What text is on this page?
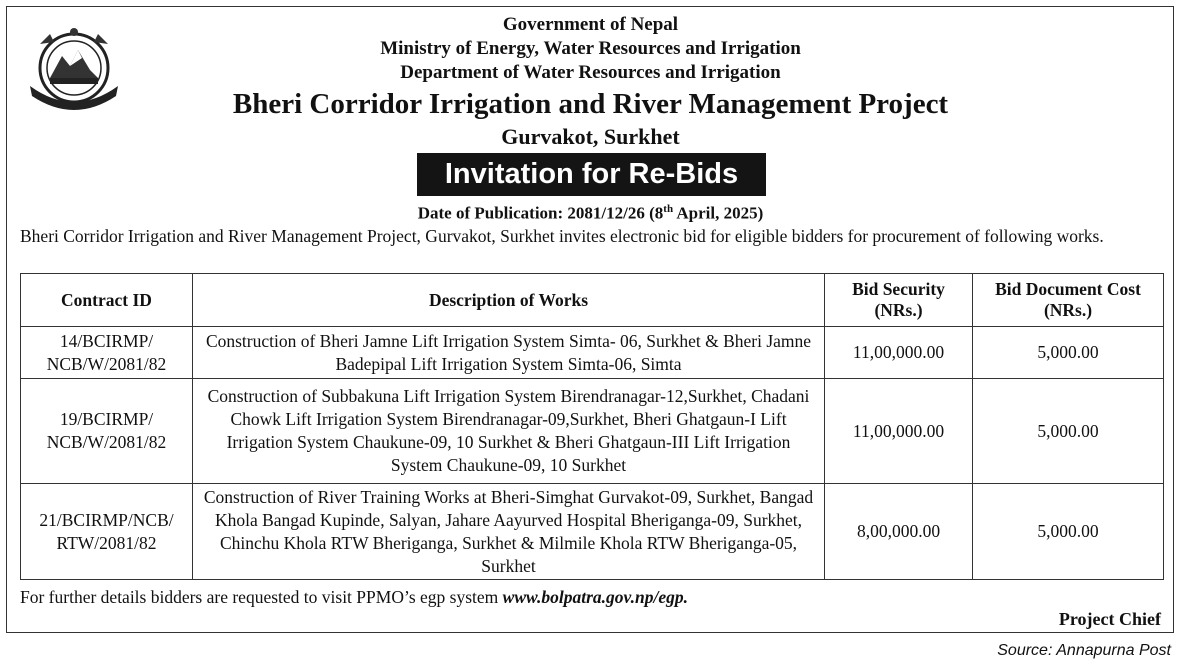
Government of Nepal
Ministry of Energy, Water Resources and Irrigation
Department of Water Resources and Irrigation
Bheri Corridor Irrigation and River Management Project
Gurvakot, Surkhet
Invitation for Re-Bids
Date of Publication: 2081/12/26 (8th April, 2025)
Bheri Corridor Irrigation and River Management Project, Gurvakot, Surkhet invites electronic bid for eligible bidders for procurement of following works.
Contract ID	Description of Works	Bid Security (NRs.)	Bid Document Cost (NRs.)
14/BCIRMP/ NCB/W/2081/82	Construction of Bheri Jamne Lift Irrigation System Simta- 06, Surkhet & Bheri Jamne Badepipal Lift Irrigation System Simta-06, Simta	11,00,000.00	5,000.00
19/BCIRMP/ NCB/W/2081/82	Construction of Subbakuna Lift Irrigation System Birendranagar-12,Surkhet, Chadani Chowk Lift Irrigation System Birendranagar-09,Surkhet, Bheri Ghatgaun-I Lift Irrigation System Chaukune-09, 10 Surkhet & Bheri Ghatgaun-III Lift Irrigation System Chaukune-09, 10 Surkhet	11,00,000.00	5,000.00
21/BCIRMP/NCB/ RTW/2081/82	Construction of River Training Works at Bheri-Simghat Gurvakot-09, Surkhet, Bangad Khola Bangad Kupinde, Salyan, Jahare Aayurved Hospital Bheriganga-09, Surkhet, Chinchu Khola RTW Bheriganga, Surkhet & Milmile Khola RTW Bheriganga-05, Surkhet	8,00,000.00	5,000.00
For further details bidders are requested to visit PPMO’s egp system www.bolpatra.gov.np/egp.
Project Chief
Source: Annapurna Post
